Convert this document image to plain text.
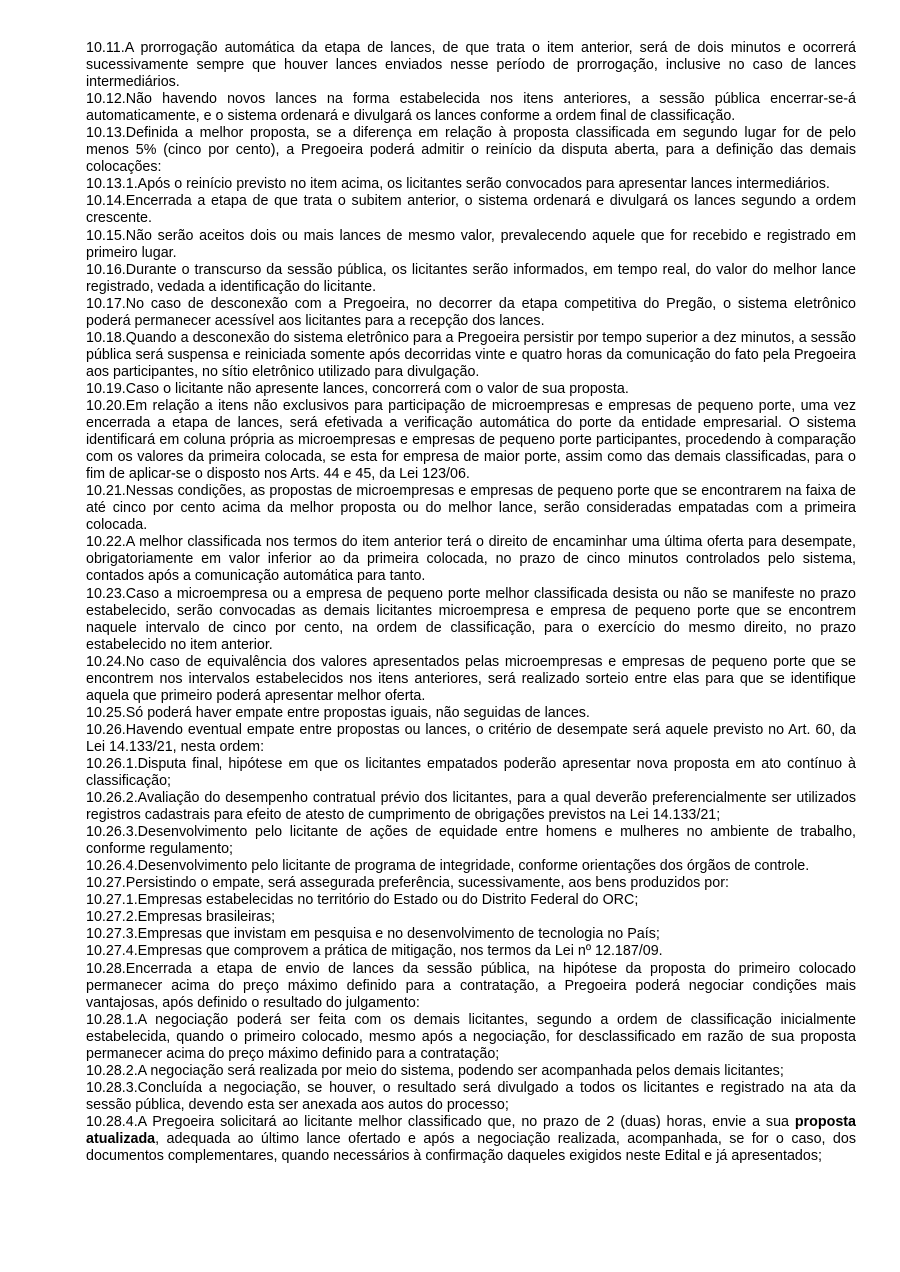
10.11.A prorrogação automática da etapa de lances, de que trata o item anterior, será de dois minutos e ocorrerá sucessivamente sempre que houver lances enviados nesse período de prorrogação, inclusive no caso de lances intermediários.

10.12.Não havendo novos lances na forma estabelecida nos itens anteriores, a sessão pública encerrar-se-á automaticamente, e o sistema ordenará e divulgará os lances conforme a ordem final de classificação.

10.13.Definida a melhor proposta, se a diferença em relação à proposta classificada em segundo lugar for de pelo menos 5% (cinco por cento), a Pregoeira poderá admitir o reinício da disputa aberta, para a definição das demais colocações:

10.13.1.Após o reinício previsto no item acima, os licitantes serão convocados para apresentar lances intermediários.

10.14.Encerrada a etapa de que trata o subitem anterior, o sistema ordenará e divulgará os lances segundo a ordem crescente.

10.15.Não serão aceitos dois ou mais lances de mesmo valor, prevalecendo aquele que for recebido e registrado em primeiro lugar.

10.16.Durante o transcurso da sessão pública, os licitantes serão informados, em tempo real, do valor do melhor lance registrado, vedada a identificação do licitante.

10.17.No caso de desconexão com a Pregoeira, no decorrer da etapa competitiva do Pregão, o sistema eletrônico poderá permanecer acessível aos licitantes para a recepção dos lances.

10.18.Quando a desconexão do sistema eletrônico para a Pregoeira persistir por tempo superior a dez minutos, a sessão pública será suspensa e reiniciada somente após decorridas vinte e quatro horas da comunicação do fato pela Pregoeira aos participantes, no sítio eletrônico utilizado para divulgação.

10.19.Caso o licitante não apresente lances, concorrerá com o valor de sua proposta.

10.20.Em relação a itens não exclusivos para participação de microempresas e empresas de pequeno porte, uma vez encerrada a etapa de lances, será efetivada a verificação automática do porte da entidade empresarial. O sistema identificará em coluna própria as microempresas e empresas de pequeno porte participantes, procedendo à comparação com os valores da primeira colocada, se esta for empresa de maior porte, assim como das demais classificadas, para o fim de aplicar-se o disposto nos Arts. 44 e 45, da Lei 123/06.

10.21.Nessas condições, as propostas de microempresas e empresas de pequeno porte que se encontrarem na faixa de até cinco por cento acima da melhor proposta ou do melhor lance, serão consideradas empatadas com a primeira colocada.

10.22.A melhor classificada nos termos do item anterior terá o direito de encaminhar uma última oferta para desempate, obrigatoriamente em valor inferior ao da primeira colocada, no prazo de cinco minutos controlados pelo sistema, contados após a comunicação automática para tanto.

10.23.Caso a microempresa ou a empresa de pequeno porte melhor classificada desista ou não se manifeste no prazo estabelecido, serão convocadas as demais licitantes microempresa e empresa de pequeno porte que se encontrem naquele intervalo de cinco por cento, na ordem de classificação, para o exercício do mesmo direito, no prazo estabelecido no item anterior.

10.24.No caso de equivalência dos valores apresentados pelas microempresas e empresas de pequeno porte que se encontrem nos intervalos estabelecidos nos itens anteriores, será realizado sorteio entre elas para que se identifique aquela que primeiro poderá apresentar melhor oferta.

10.25.Só poderá haver empate entre propostas iguais, não seguidas de lances.

10.26.Havendo eventual empate entre propostas ou lances, o critério de desempate será aquele previsto no Art. 60, da Lei 14.133/21, nesta ordem:

10.26.1.Disputa final, hipótese em que os licitantes empatados poderão apresentar nova proposta em ato contínuo à classificação;

10.26.2.Avaliação do desempenho contratual prévio dos licitantes, para a qual deverão preferencialmente ser utilizados registros cadastrais para efeito de atesto de cumprimento de obrigações previstos na Lei 14.133/21;

10.26.3.Desenvolvimento pelo licitante de ações de equidade entre homens e mulheres no ambiente de trabalho, conforme regulamento;

10.26.4.Desenvolvimento pelo licitante de programa de integridade, conforme orientações dos órgãos de controle.

10.27.Persistindo o empate, será assegurada preferência, sucessivamente, aos bens produzidos por:

10.27.1.Empresas estabelecidas no território do Estado ou do Distrito Federal do ORC;

10.27.2.Empresas brasileiras;

10.27.3.Empresas que invistam em pesquisa e no desenvolvimento de tecnologia no País;

10.27.4.Empresas que comprovem a prática de mitigação, nos termos da Lei nº 12.187/09.

10.28.Encerrada a etapa de envio de lances da sessão pública, na hipótese da proposta do primeiro colocado permanecer acima do preço máximo definido para a contratação, a Pregoeira poderá negociar condições mais vantajosas, após definido o resultado do julgamento:

10.28.1.A negociação poderá ser feita com os demais licitantes, segundo a ordem de classificação inicialmente estabelecida, quando o primeiro colocado, mesmo após a negociação, for desclassificado em razão de sua proposta permanecer acima do preço máximo definido para a contratação;

10.28.2.A negociação será realizada por meio do sistema, podendo ser acompanhada pelos demais licitantes;

10.28.3.Concluída a negociação, se houver, o resultado será divulgado a todos os licitantes e registrado na ata da sessão pública, devendo esta ser anexada aos autos do processo;

10.28.4.A Pregoeira solicitará ao licitante melhor classificado que, no prazo de 2 (duas) horas, envie a sua proposta atualizada, adequada ao último lance ofertado e após a negociação realizada, acompanhada, se for o caso, dos documentos complementares, quando necessários à confirmação daqueles exigidos neste Edital e já apresentados;
